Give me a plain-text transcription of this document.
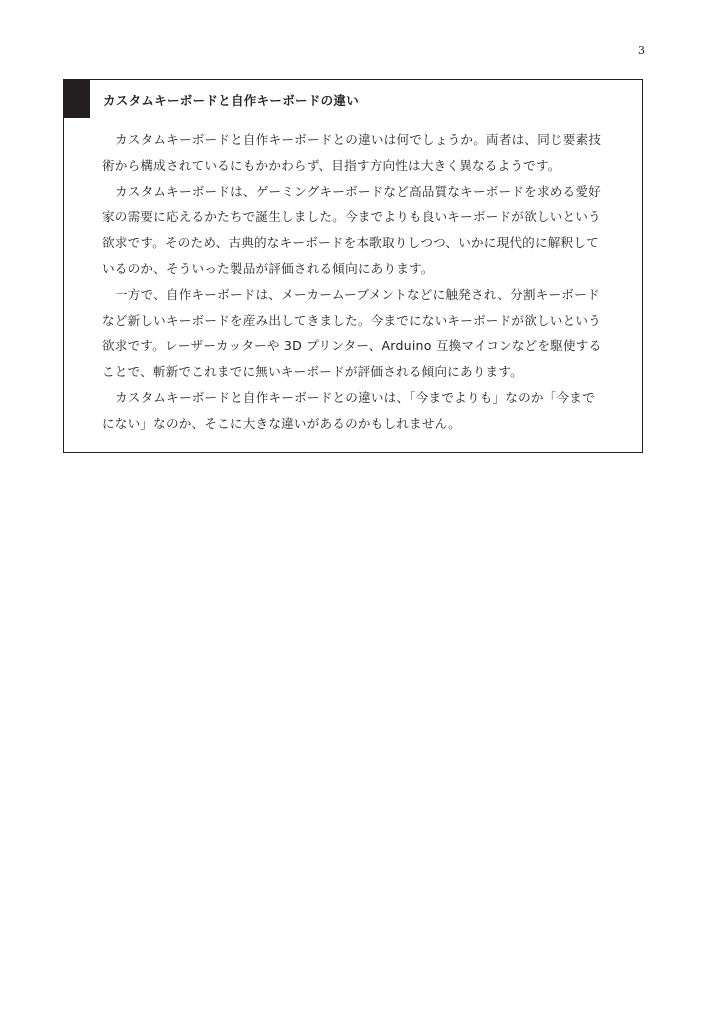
3
カスタムキーボードと自作キーボードの違い

カスタムキーボードと自作キーボードとの違いは何でしょうか。両者は、同じ要素技術から構成されているにもかかわらず、目指す方向性は大きく異なるようです。

カスタムキーボードは、ゲーミングキーボードなど高品質なキーボードを求める愛好家の需要に応えるかたちで誕生しました。今までよりも良いキーボードが欲しいという欲求です。そのため、古典的なキーボードを本歌取りしつつ、いかに現代的に解釈しているのか、そういった製品が評価される傾向にあります。

一方で、自作キーボードは、メーカームーブメントなどに触発され、分割キーボードなど新しいキーボードを産み出してきました。今までにないキーボードが欲しいという欲求です。レーザーカッターや 3D プリンター、Arduino 互換マイコンなどを駆使することで、斬新でこれまでに無いキーボードが評価される傾向にあります。

カスタムキーボードと自作キーボードとの違いは、「今までよりも」なのか「今までにない」なのか、そこに大きな違いがあるのかもしれません。
